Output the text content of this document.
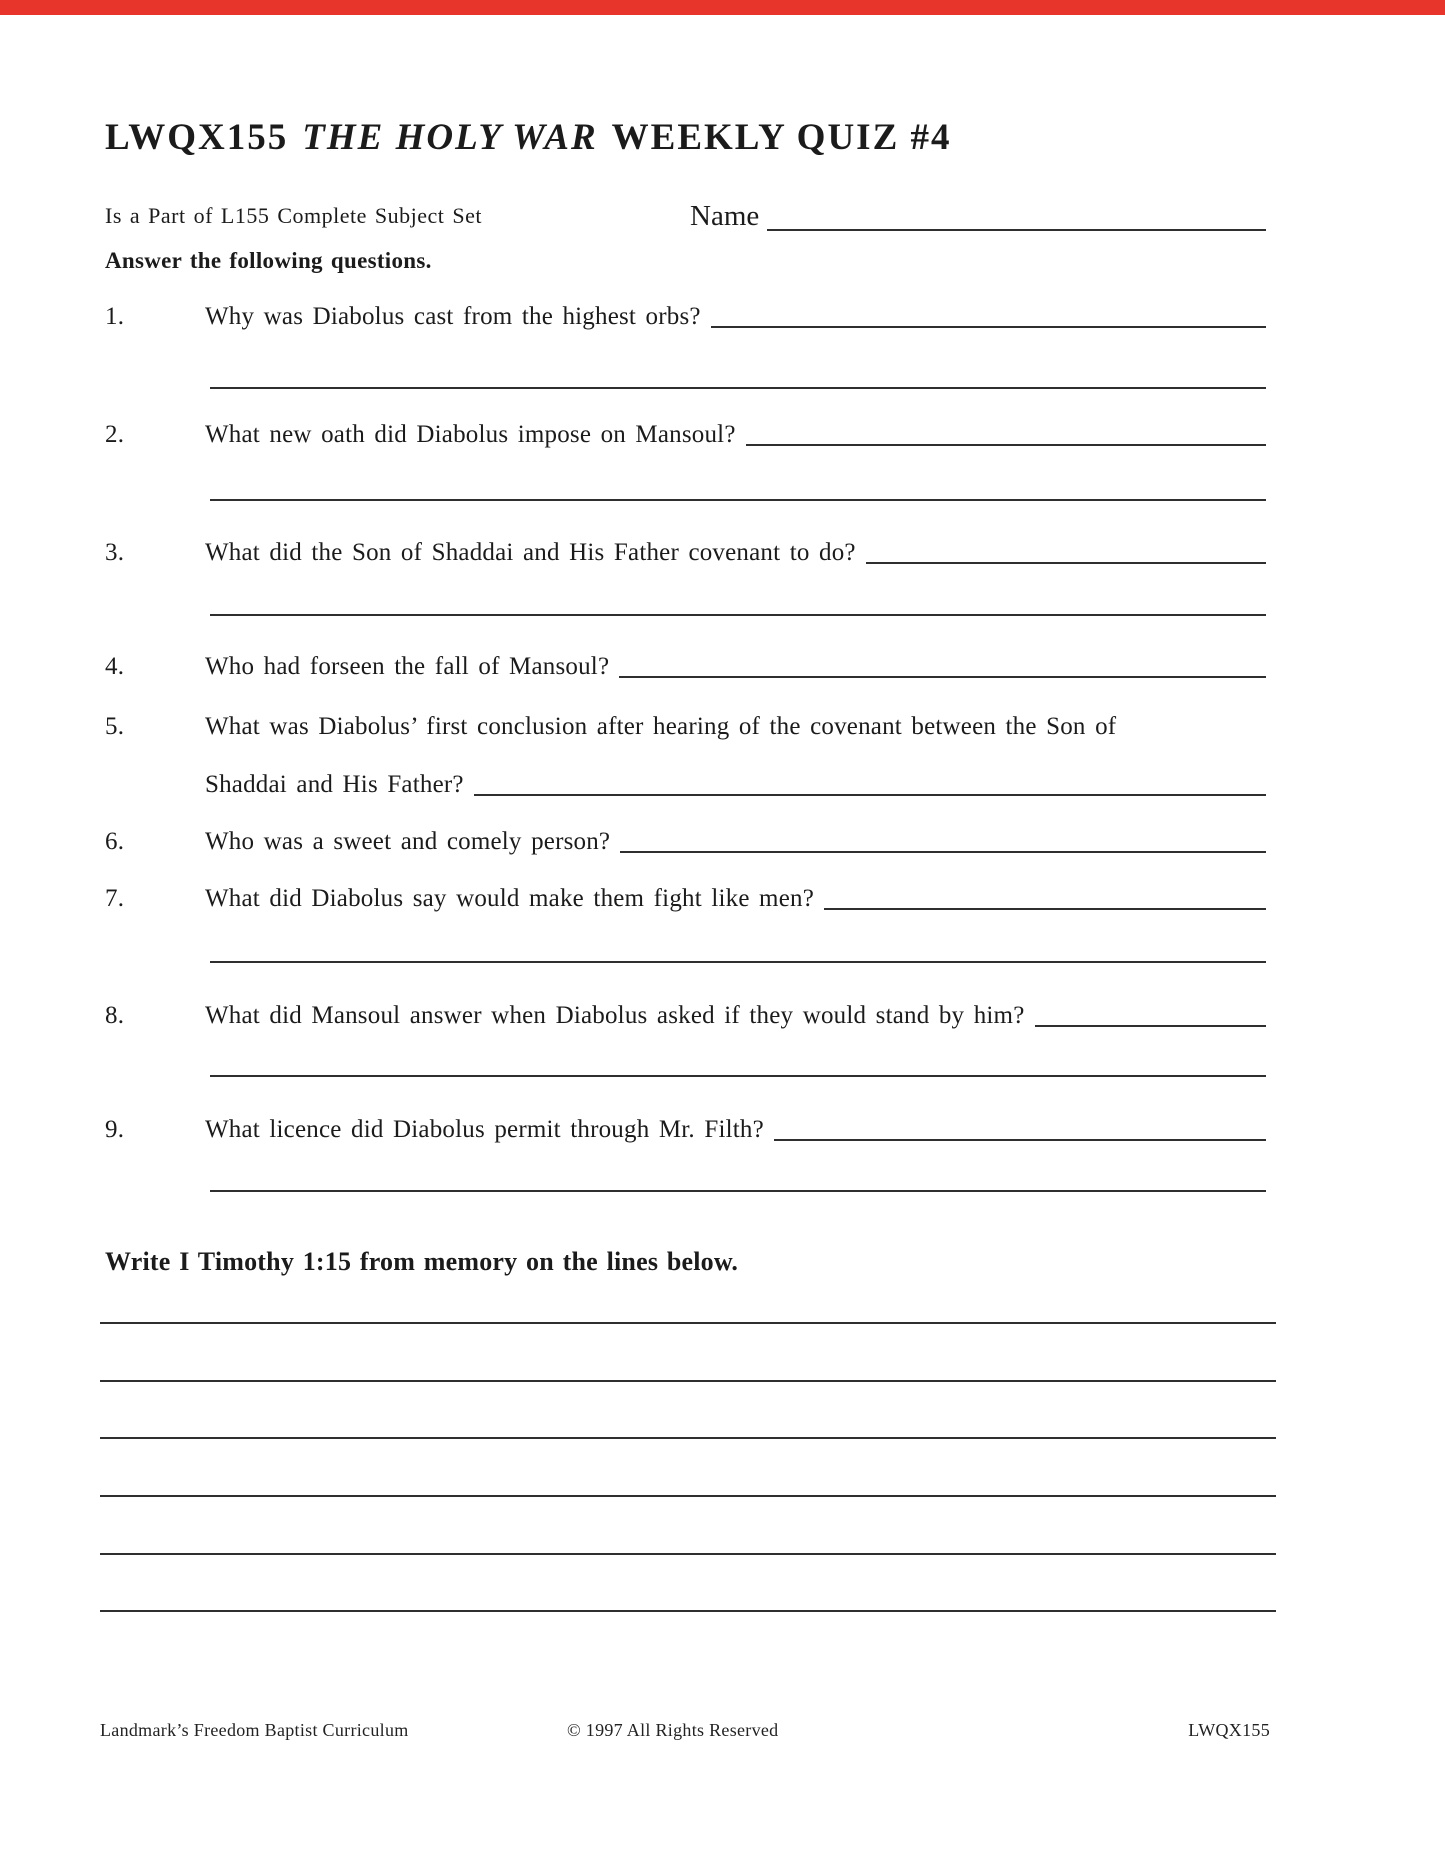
LWQX155 THE HOLY WAR WEEKLY QUIZ #4
Is a Part of L155 Complete Subject Set	Name
Answer the following questions.
1.	Why was Diabolus cast from the highest orbs?
2.	What new oath did Diabolus impose on Mansoul?
3.	What did the Son of Shaddai and His Father covenant to do?
4.	Who had forseen the fall of Mansoul?
5.	What was Diabolus’ first conclusion after hearing of the covenant between the Son of
Shaddai and His Father?
6.	Who was a sweet and comely person?
7.	What did Diabolus say would make them fight like men?
8.	What did Mansoul answer when Diabolus asked if they would stand by him?
9.	What licence did Diabolus permit through Mr. Filth?
Write I Timothy 1:15 from memory on the lines below.
Landmark’s Freedom Baptist Curriculum	© 1997 All Rights Reserved	LWQX155
